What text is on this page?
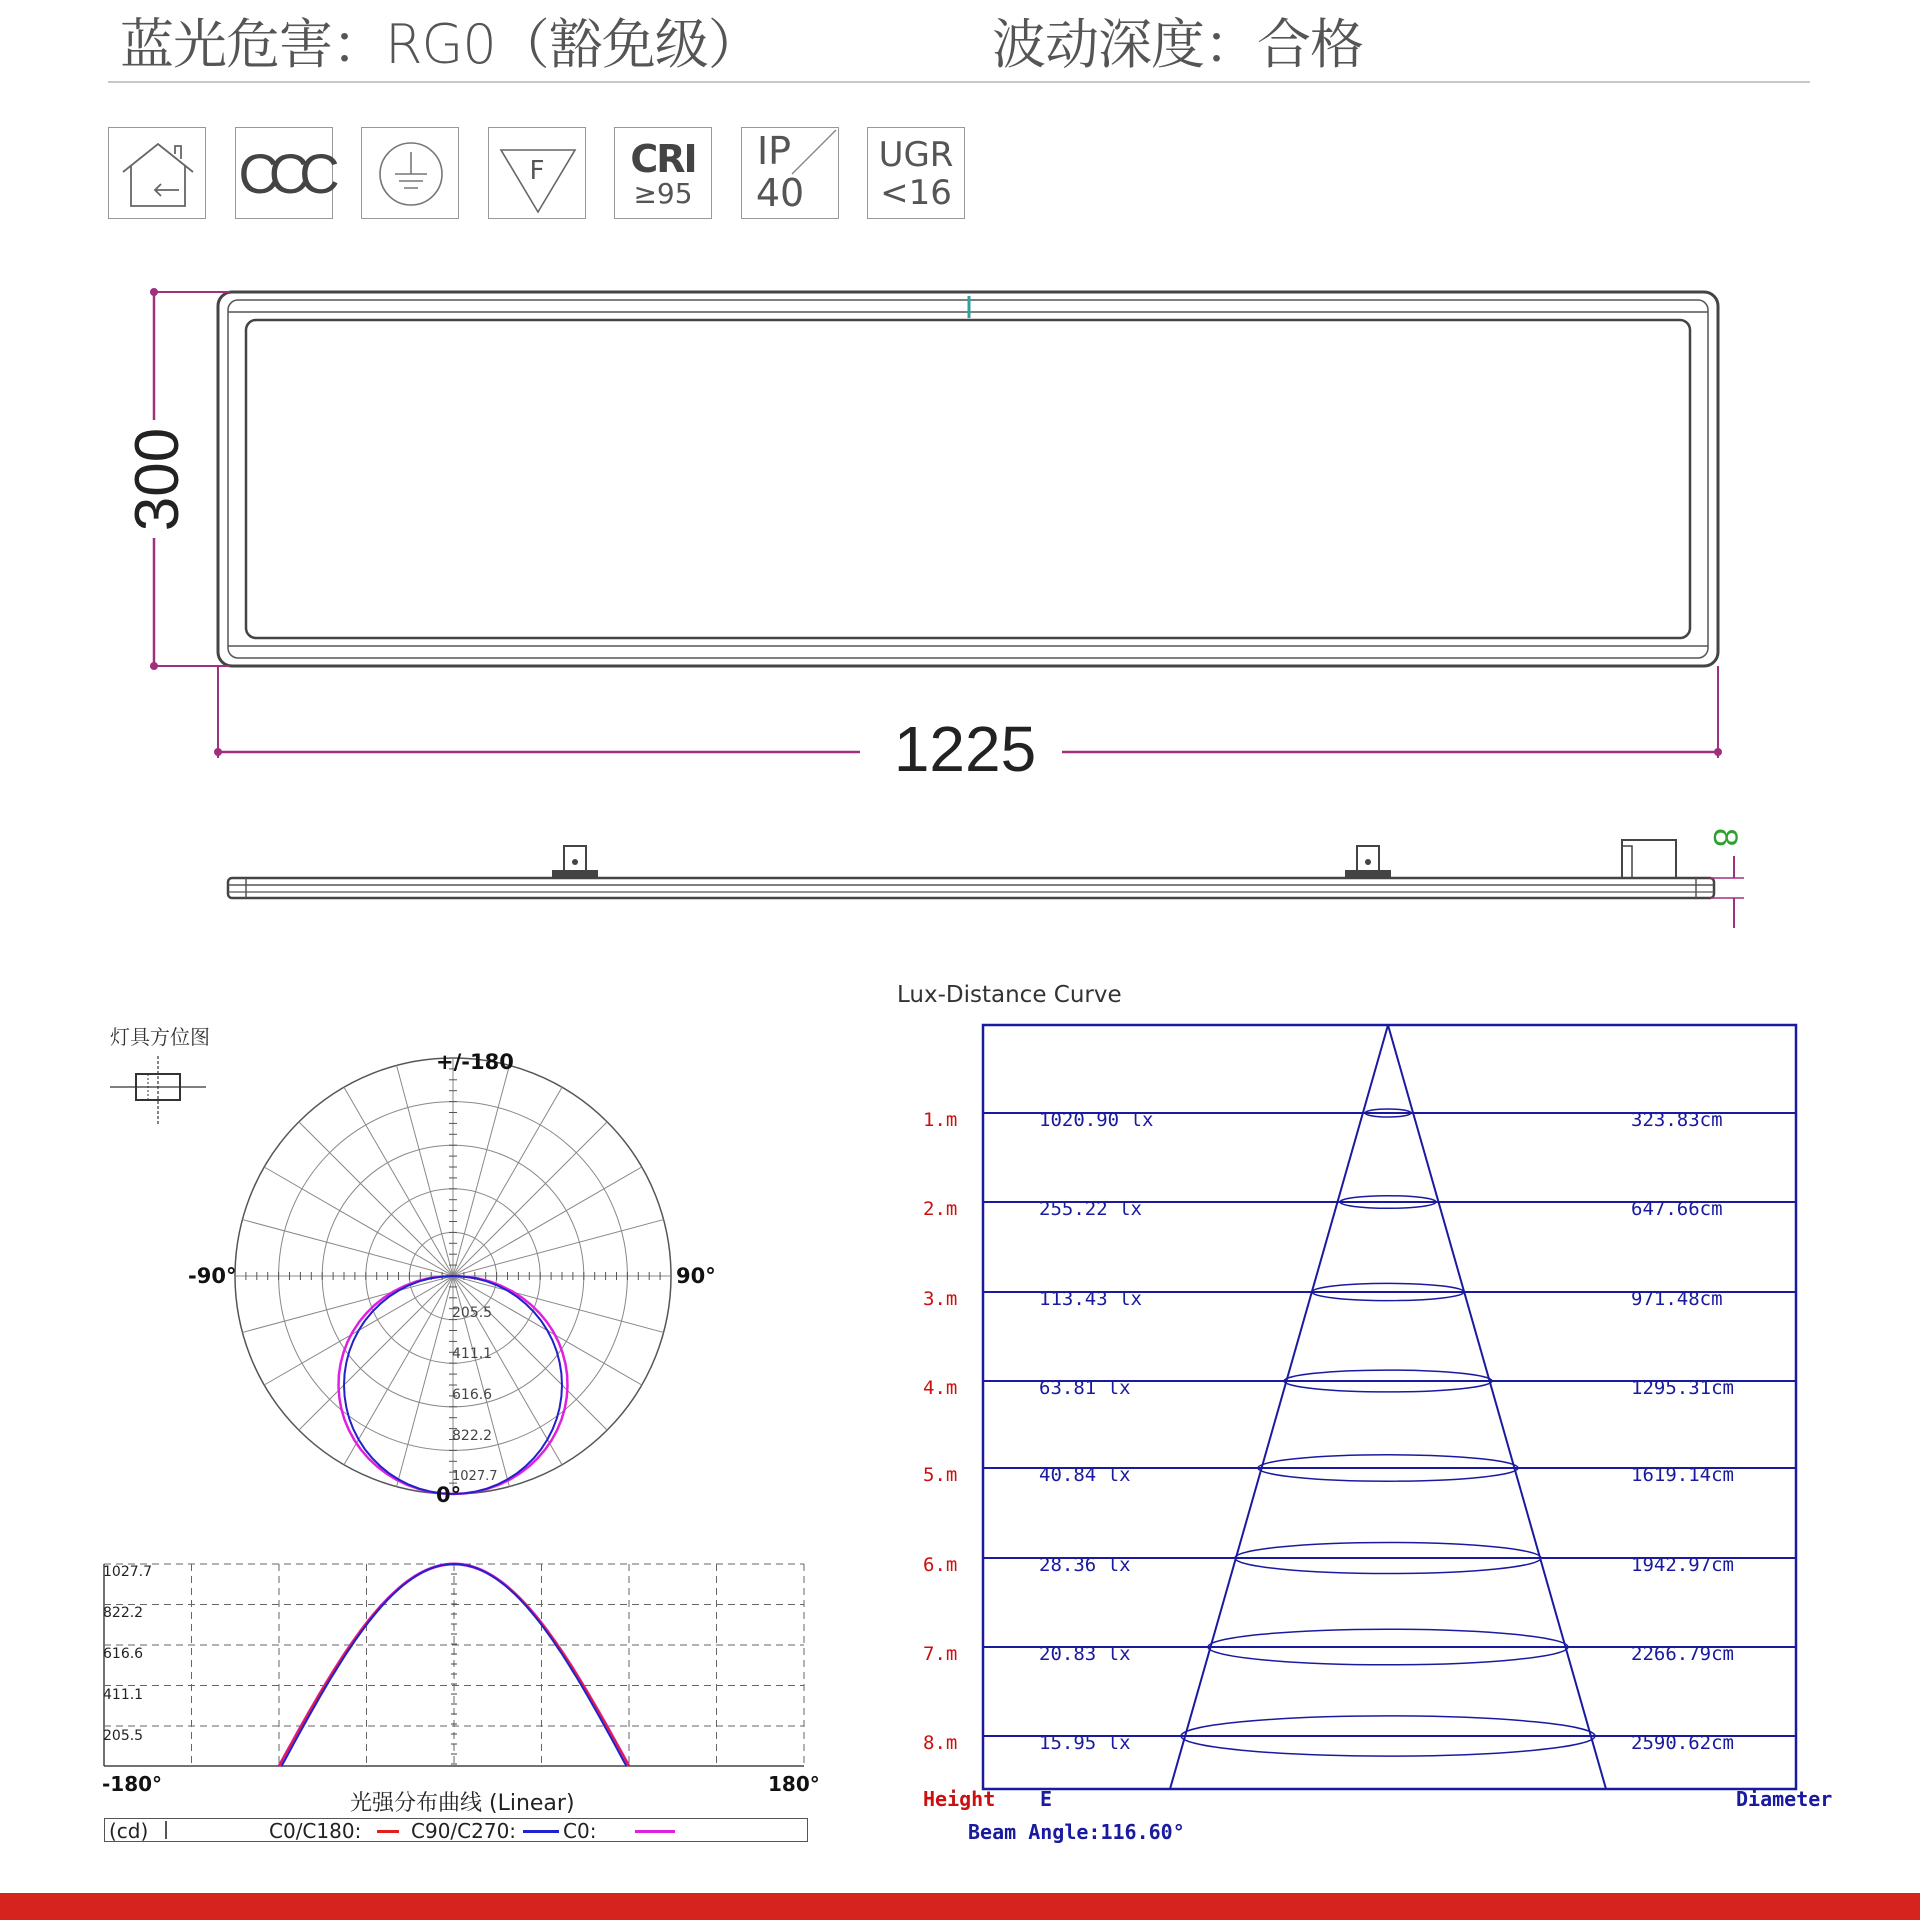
蓝光危害：RG0（豁免级）	波动深度：合格
CCC	F	CRI
≥95
IP
40
UGR
<16
300
1225
8
灯具方位图
+/-180
-90°	90°
0°
205.5
411.1
616.6
822.2
1027.7
1027.7
822.2
616.6
411.1
205.5
-180°	180°
光强分布曲线 (Linear)
(cd)	C0/C180: C90/C270: C0:
Lux-Distance Curve
1.m	1020.90 lx	323.83cm
2.m	255.22 lx	647.66cm
3.m	113.43 lx	971.48cm
4.m	63.81 lx	1295.31cm
5.m	40.84 lx	1619.14cm
6.m	28.36 lx	1942.97cm
7.m	20.83 lx	2266.79cm
8.m	15.95 lx	2590.62cm
Height E	Diameter
Beam Angle:116.60°
